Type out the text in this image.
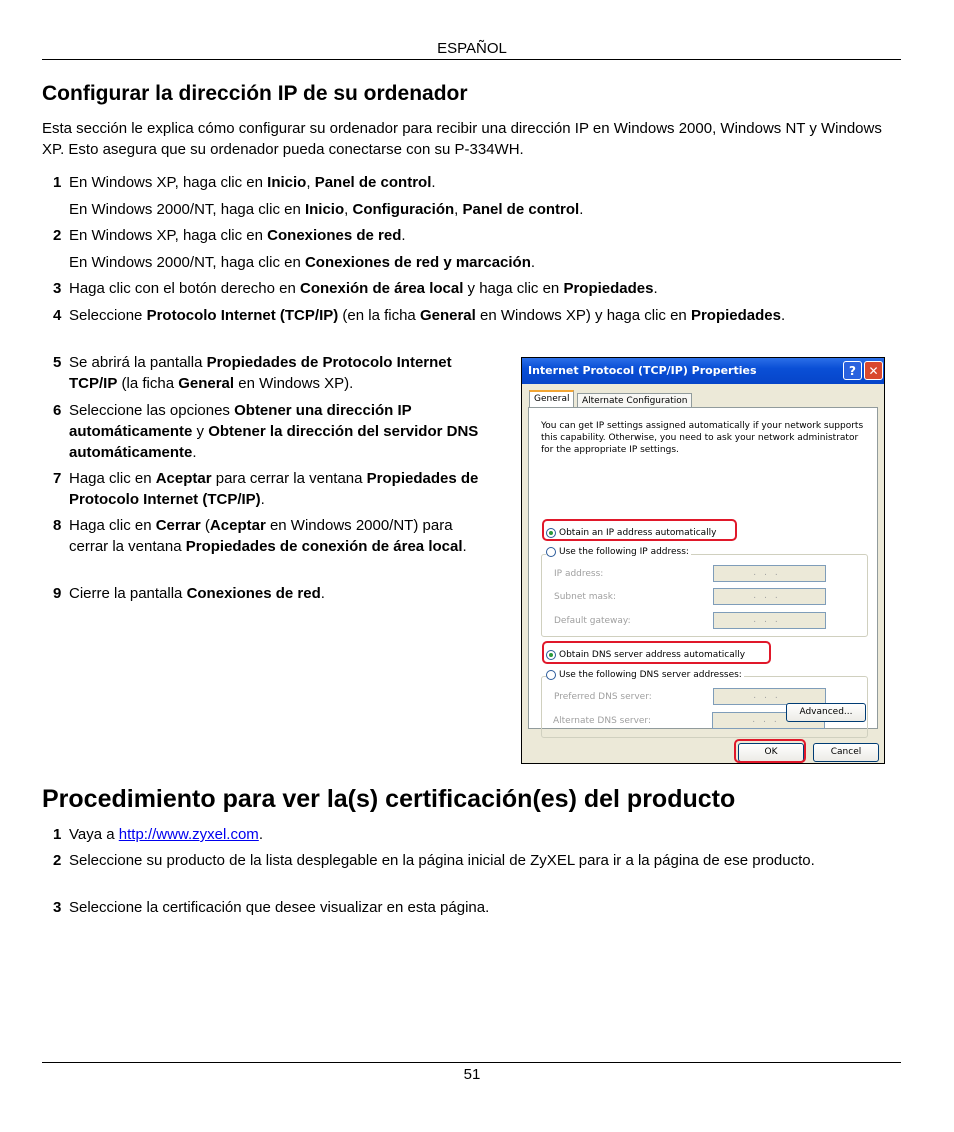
ESPAÑOL
Configurar la dirección IP de su ordenador
Esta sección le explica cómo configurar su ordenador para recibir una dirección IP en Windows 2000, Windows NT y Windows XP. Esto asegura que su ordenador pueda conectarse con su P-334WH.
1 En Windows XP, haga clic en Inicio, Panel de control.
En Windows 2000/NT, haga clic en Inicio, Configuración, Panel de control.
2 En Windows XP, haga clic en Conexiones de red.
En Windows 2000/NT, haga clic en Conexiones de red y marcación.
3 Haga clic con el botón derecho en Conexión de área local y haga clic en Propiedades.
4 Seleccione Protocolo Internet (TCP/IP) (en la ficha General en Windows XP) y haga clic en Propiedades.
5 Se abrirá la pantalla Propiedades de Protocolo Internet TCP/IP (la ficha General en Windows XP).
6 Seleccione las opciones Obtener una dirección IP automáticamente y Obtener la dirección del servidor DNS automáticamente.
7 Haga clic en Aceptar para cerrar la ventana Propiedades de Protocolo Internet (TCP/IP).
8 Haga clic en Cerrar (Aceptar en Windows 2000/NT) para cerrar la ventana Propiedades de conexión de área local.
9 Cierre la pantalla Conexiones de red.
Internet Protocol (TCP/IP) Properties	?	✕
General	Alternate Configuration
You can get IP settings assigned automatically if your network supports this capability. Otherwise, you need to ask your network administrator for the appropriate IP settings.
Obtain an IP address automatically
Use the following IP address:
IP address:	...
Subnet mask:	...
Default gateway:	...
Obtain DNS server address automatically
Use the following DNS server addresses:
Preferred DNS server:	...
Alternate DNS server:	...
Advanced...
OK	Cancel
Procedimiento para ver la(s) certificación(es) del producto
1 Vaya a http://www.zyxel.com.
2 Seleccione su producto de la lista desplegable en la página inicial de ZyXEL para ir a la página de ese producto.
3 Seleccione la certificación que desee visualizar en esta página.
51
